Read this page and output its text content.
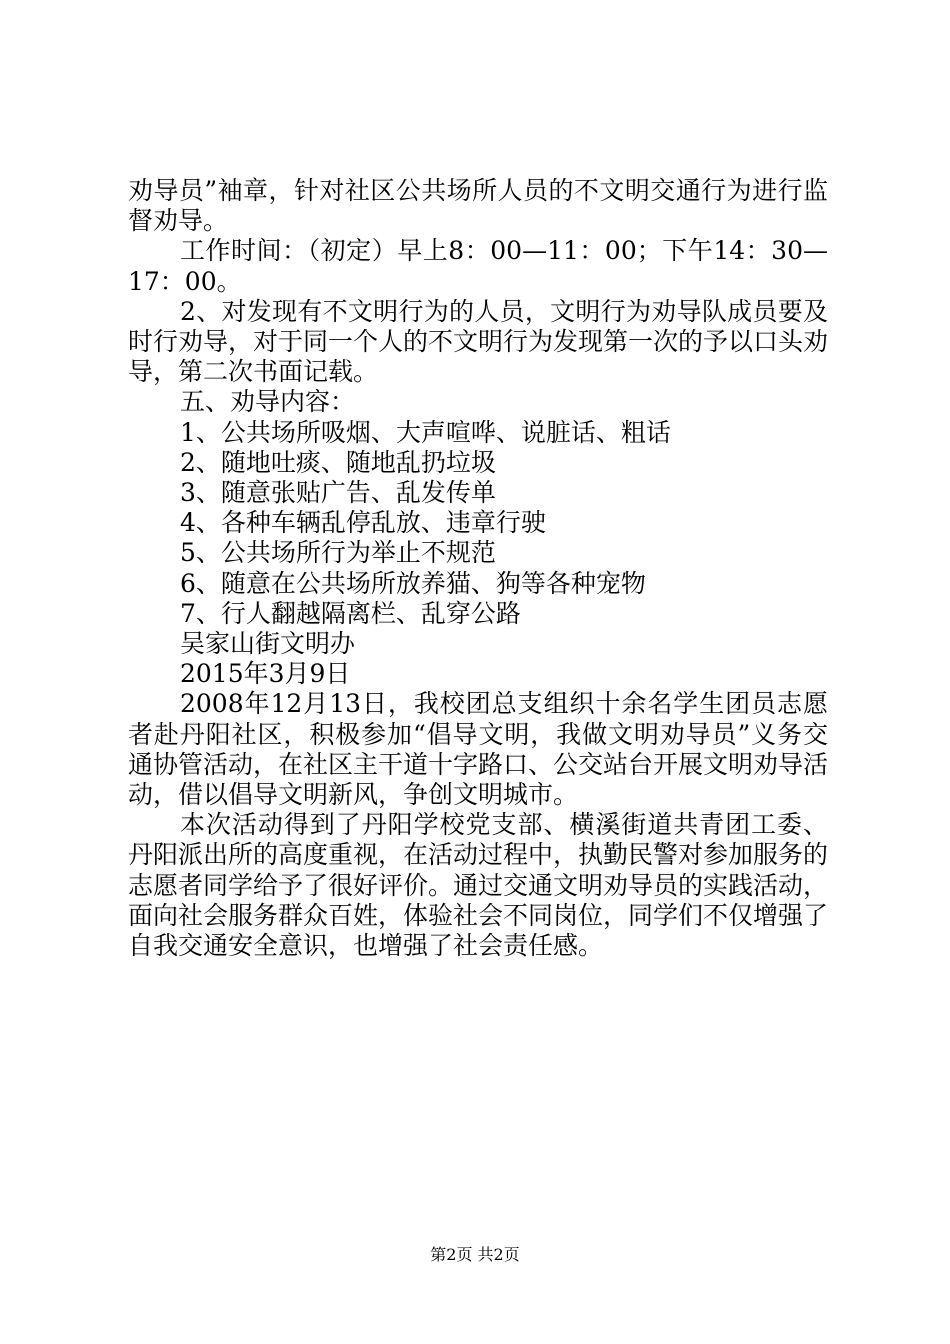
劝导员”袖章，针对社区公共场所人员的不文明交通行为进行监督劝导。

工作时间：（初定）早上8：00—11：00；下午14：30—17：00。

2、对发现有不文明行为的人员，文明行为劝导队成员要及时行劝导，对于同一个人的不文明行为发现第一次的予以口头劝导，第二次书面记载。

五、劝导内容：

1、公共场所吸烟、大声喧哗、说脏话、粗话

2、随地吐痰、随地乱扔垃圾

3、随意张贴广告、乱发传单

4、各种车辆乱停乱放、违章行驶

5、公共场所行为举止不规范

6、随意在公共场所放养猫、狗等各种宠物

7、行人翻越隔离栏、乱穿公路

吴家山街文明办

2015年3月9日

2008年12月13日，我校团总支组织十余名学生团员志愿者赴丹阳社区，积极参加“倡导文明，我做文明劝导员”义务交通协管活动，在社区主干道十字路口、公交站台开展文明劝导活动，借以倡导文明新风，争创文明城市。

本次活动得到了丹阳学校党支部、横溪街道共青团工委、丹阳派出所的高度重视，在活动过程中，执勤民警对参加服务的志愿者同学给予了很好评价。通过交通文明劝导员的实践活动，面向社会服务群众百姓，体验社会不同岗位，同学们不仅增强了自我交通安全意识，也增强了社会责任感。

第2页 共2页
